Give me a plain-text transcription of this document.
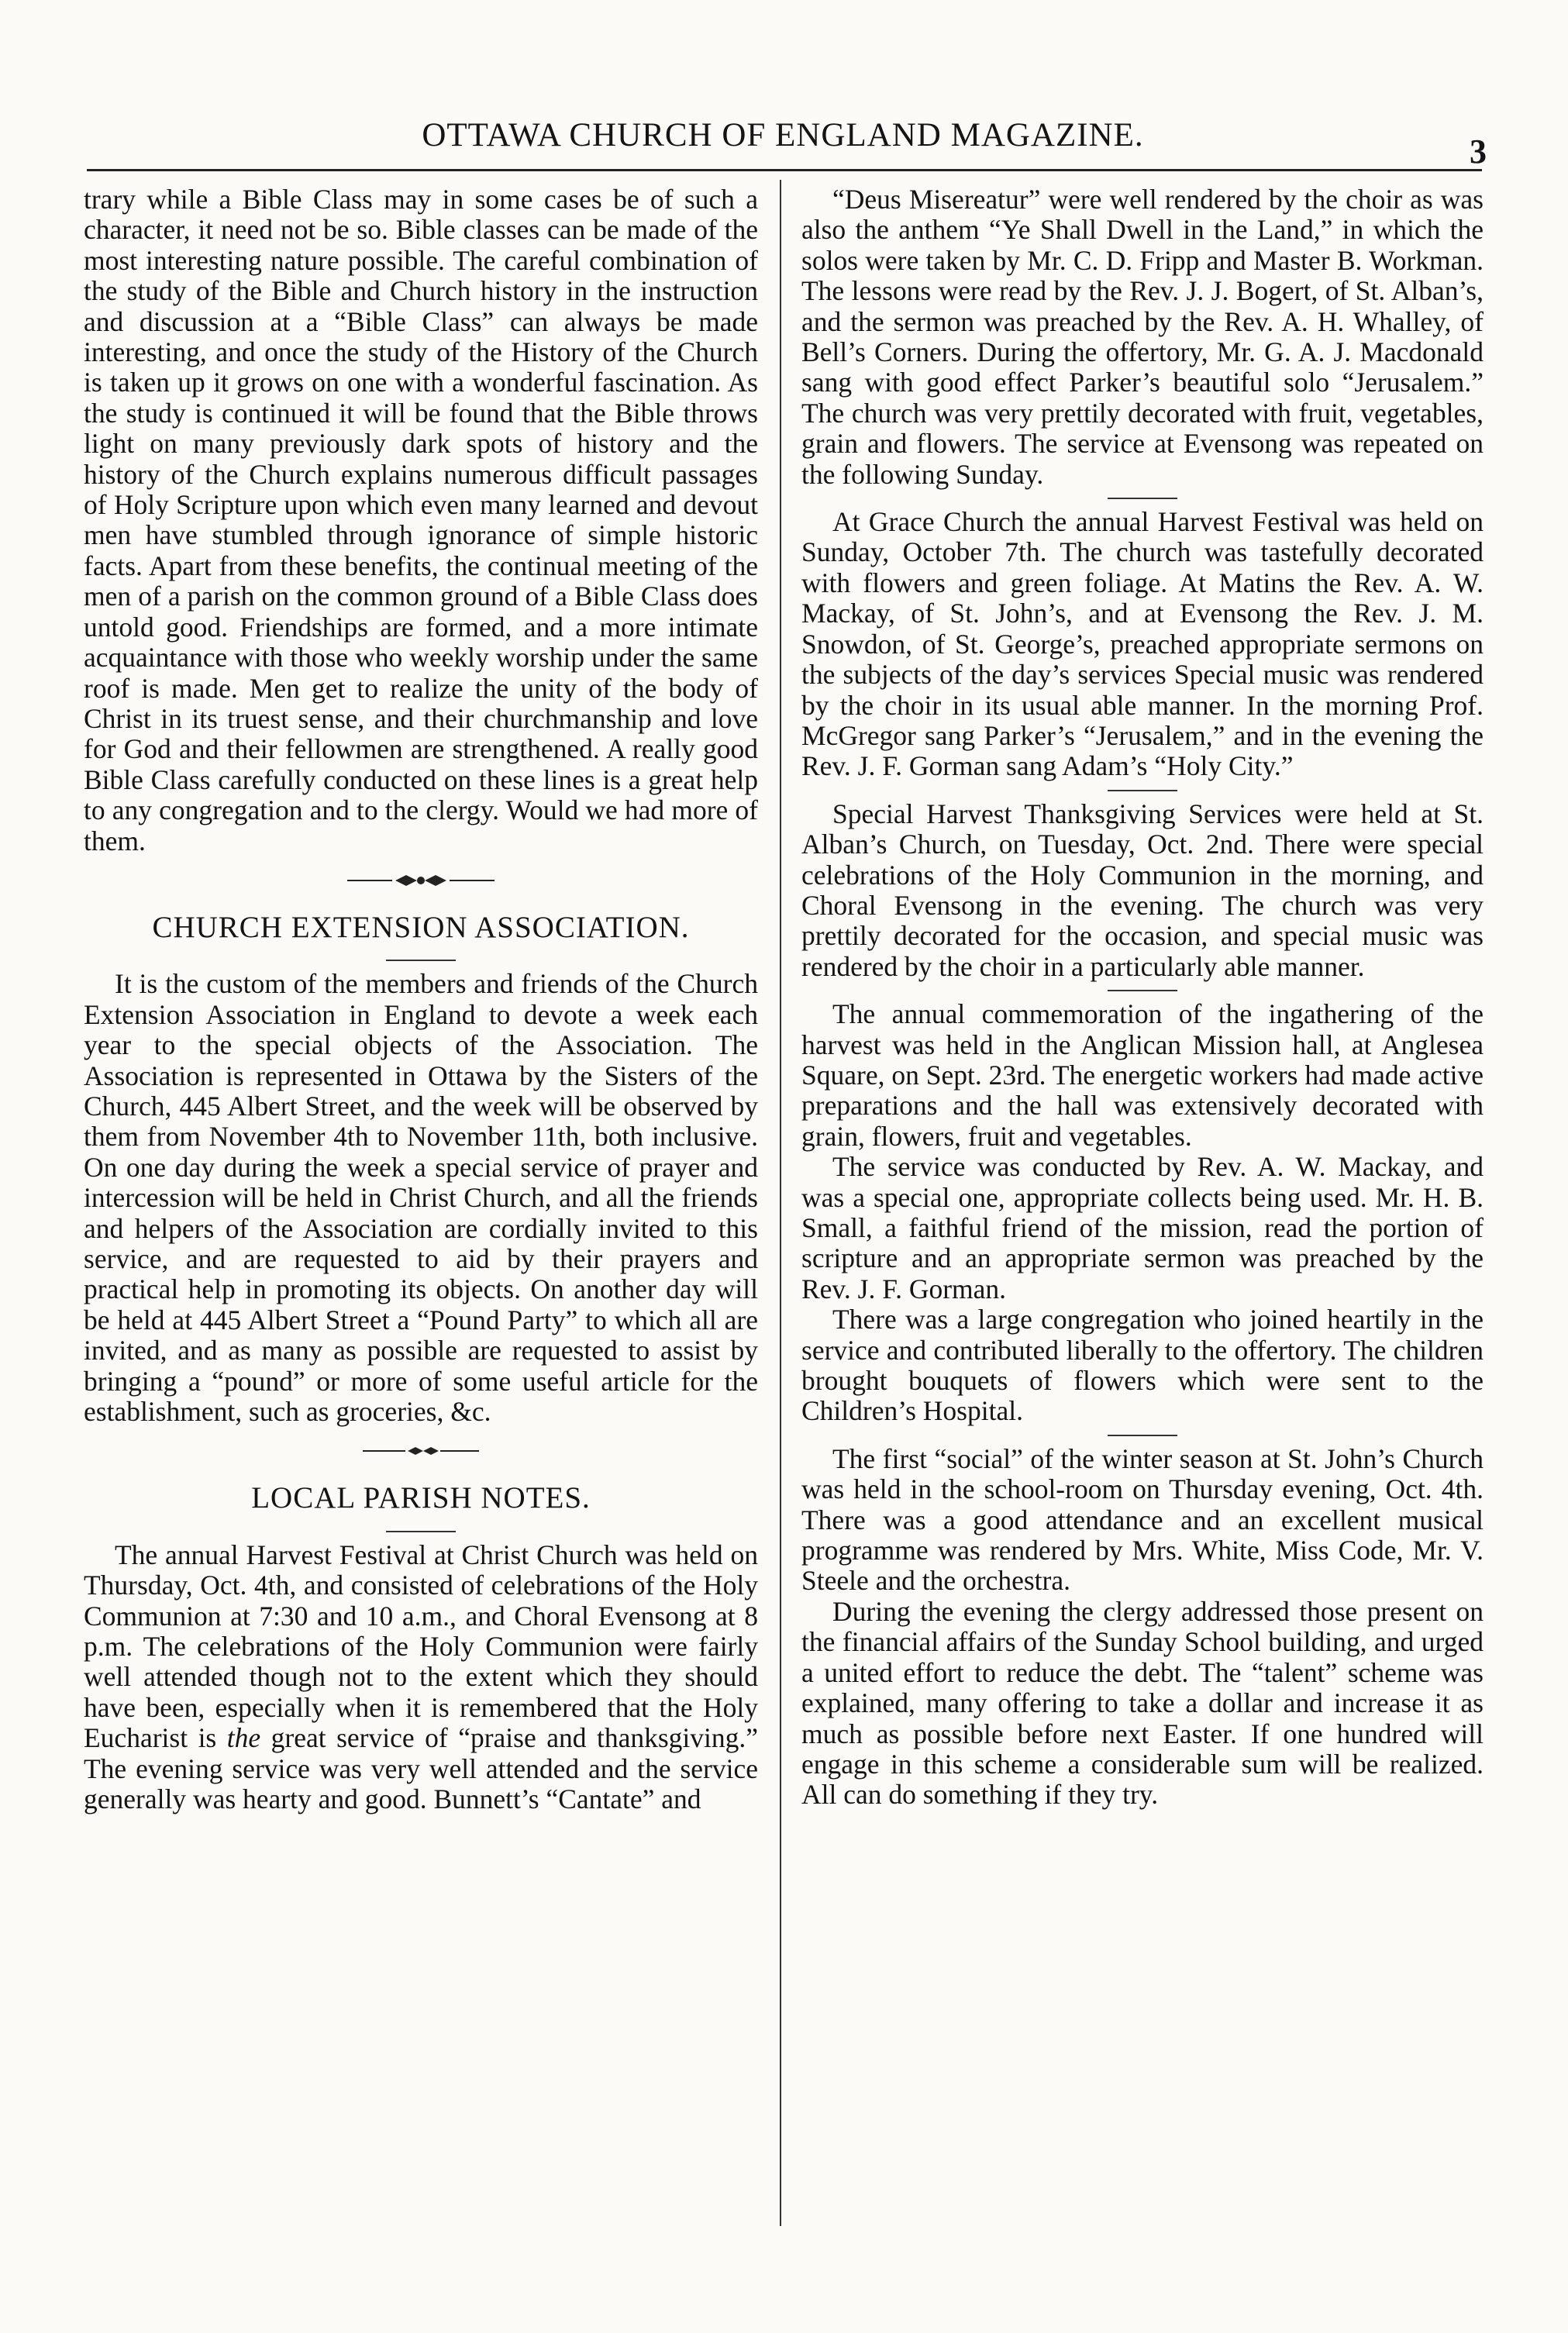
OTTAWA CHURCH OF ENGLAND MAGAZINE.	3

trary while a Bible Class may in some cases be of such a character, it need not be so. Bible classes can be made of the most interesting nature possible. The careful combination of the study of the Bible and Church history in the instruction and discussion at a “Bible Class” can always be made interesting, and once the study of the History of the Church is taken up it grows on one with a wonderful fascination. As the study is continued it will be found that the Bible throws light on many previously dark spots of history and the history of the Church explains numerous difficult passages of Holy Scripture upon which even many learned and devout men have stumbled through ignorance of simple historic facts. Apart from these benefits, the continual meeting of the men of a parish on the common ground of a Bible Class does untold good. Friendships are formed, and a more intimate acquaintance with those who weekly worship under the same roof is made. Men get to realize the unity of the body of Christ in its truest sense, and their churchmanship and love for God and their fellowmen are strengthened. A really good Bible Class carefully conducted on these lines is a great help to any congregation and to the clergy. Would we had more of them.

CHURCH EXTENSION ASSOCIATION.

It is the custom of the members and friends of the Church Extension Association in England to devote a week each year to the special objects of the Association. The Association is represented in Ottawa by the Sisters of the Church, 445 Albert Street, and the week will be observed by them from November 4th to November 11th, both inclusive. On one day during the week a special service of prayer and intercession will be held in Christ Church, and all the friends and helpers of the Association are cordially invited to this service, and are requested to aid by their prayers and practical help in promoting its objects. On another day will be held at 445 Albert Street a “Pound Party” to which all are invited, and as many as possible are requested to assist by bringing a “pound” or more of some useful article for the establishment, such as groceries, &c.

LOCAL PARISH NOTES.

The annual Harvest Festival at Christ Church was held on Thursday, Oct. 4th, and consisted of celebrations of the Holy Communion at 7:30 and 10 a.m., and Choral Evensong at 8 p.m. The celebrations of the Holy Communion were fairly well attended though not to the extent which they should have been, especially when it is remembered that the Holy Eucharist is the great service of “praise and thanksgiving.” The evening service was very well attended and the service generally was hearty and good. Bunnett’s “Cantate” and

“Deus Misereatur” were well rendered by the choir as was also the anthem “Ye Shall Dwell in the Land,” in which the solos were taken by Mr. C. D. Fripp and Master B. Workman. The lessons were read by the Rev. J. J. Bogert, of St. Alban’s, and the sermon was preached by the Rev. A. H. Whalley, of Bell’s Corners. During the offertory, Mr. G. A. J. Macdonald sang with good effect Parker’s beautiful solo “Jerusalem.” The church was very prettily decorated with fruit, vegetables, grain and flowers. The service at Evensong was repeated on the following Sunday.

At Grace Church the annual Harvest Festival was held on Sunday, October 7th. The church was tastefully decorated with flowers and green foliage. At Matins the Rev. A. W. Mackay, of St. John’s, and at Evensong the Rev. J. M. Snowdon, of St. George’s, preached appropriate sermons on the subjects of the day’s services Special music was rendered by the choir in its usual able manner. In the morning Prof. McGregor sang Parker’s “Jerusalem,” and in the evening the Rev. J. F. Gorman sang Adam’s “Holy City.”

Special Harvest Thanksgiving Services were held at St. Alban’s Church, on Tuesday, Oct. 2nd. There were special celebrations of the Holy Communion in the morning, and Choral Evensong in the evening. The church was very prettily decorated for the occasion, and special music was rendered by the choir in a particularly able manner.

The annual commemoration of the ingathering of the harvest was held in the Anglican Mission hall, at Anglesea Square, on Sept. 23rd. The energetic workers had made active preparations and the hall was extensively decorated with grain, flowers, fruit and vegetables.

The service was conducted by Rev. A. W. Mackay, and was a special one, appropriate collects being used. Mr. H. B. Small, a faithful friend of the mission, read the portion of scripture and an appropriate sermon was preached by the Rev. J. F. Gorman.

There was a large congregation who joined heartily in the service and contributed liberally to the offertory. The children brought bouquets of flowers which were sent to the Children’s Hospital.

The first “social” of the winter season at St. John’s Church was held in the school-room on Thursday evening, Oct. 4th. There was a good attendance and an excellent musical programme was rendered by Mrs. White, Miss Code, Mr. V. Steele and the orchestra.

During the evening the clergy addressed those present on the financial affairs of the Sunday School building, and urged a united effort to reduce the debt. The “talent” scheme was explained, many offering to take a dollar and increase it as much as possible before next Easter. If one hundred will engage in this scheme a considerable sum will be realized. All can do something if they try.
